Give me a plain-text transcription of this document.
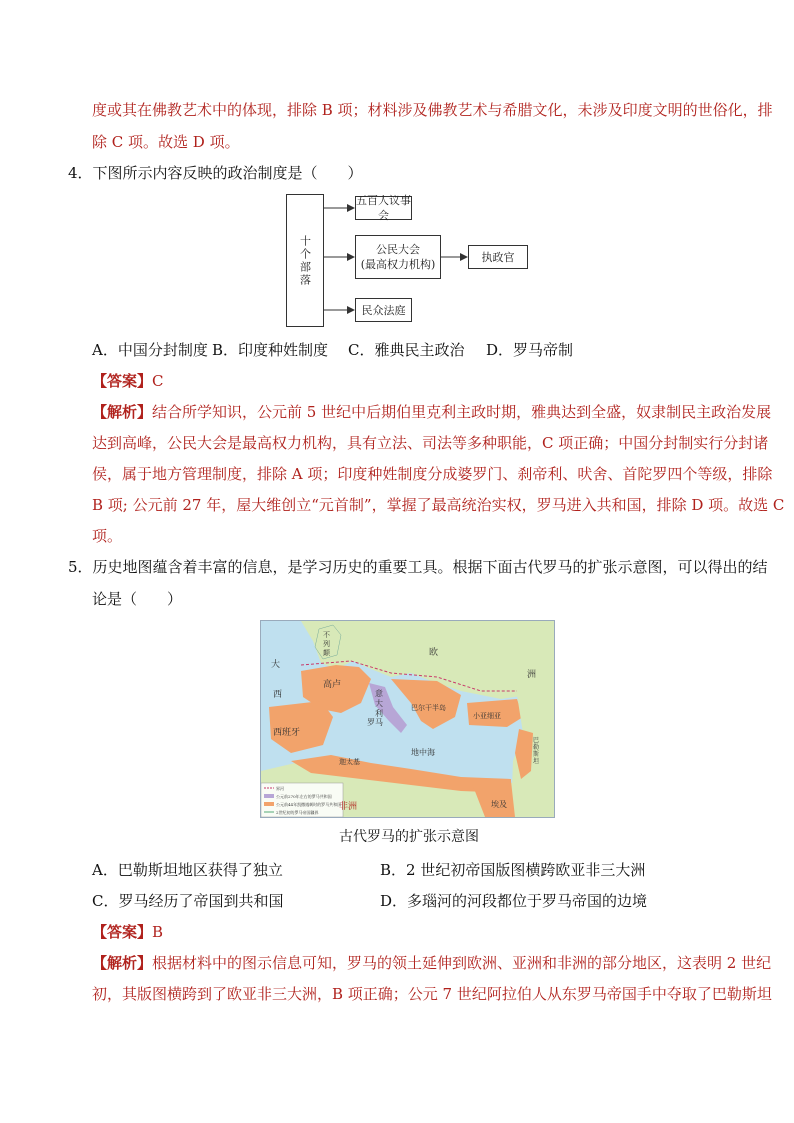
度或其在佛教艺术中的体现，排除 B 项；材料涉及佛教艺术与希腊文化，未涉及印度文明的世俗化，排
除 C 项。故选 D 项。
4．下图所示内容反映的政治制度是（　　）
十个部落
五百人议事会
公民大会
(最高权力机构)
执政官
民众法庭
A．中国分封制度 B．印度种姓制度 C．雅典民主政治 D．罗马帝制
【答案】C
【解析】结合所学知识，公元前 5 世纪中后期伯里克利主政时期，雅典达到全盛，奴隶制民主政治发展
达到高峰，公民大会是最高权力机构，具有立法、司法等多种职能，C 项正确；中国分封制实行分封诸
侯，属于地方管理制度，排除 A 项；印度种姓制度分成婆罗门、刹帝利、吠舍、首陀罗四个等级，排除
B 项; 公元前 27 年，屋大维创立“元首制”，掌握了最高统治实权，罗马进入共和国，排除 D 项。故选 C
项。
5．历史地图蕴含着丰富的信息，是学习历史的重要工具。根据下面古代罗马的扩张示意图，可以得出的结
论是（　　）
界河
公元前270年左右的罗马共和国
公元前44年凯撒遇刺时的罗马共和国
2世纪初的罗马帝国疆界
大
西
不列颠
高卢
西班牙
意大利
罗马
巴尔干半岛
小亚细亚
埃及
巴勒斯坦
非洲
欧
洲
地中海
迦太基
古代罗马的扩张示意图
A．巴勒斯坦地区获得了独立	B．2 世纪初帝国版图横跨欧亚非三大洲
C．罗马经历了帝国到共和国	D．多瑙河的河段都位于罗马帝国的边境
【答案】B
【解析】根据材料中的图示信息可知，罗马的领土延伸到欧洲、亚洲和非洲的部分地区，这表明 2 世纪
初，其版图横跨到了欧亚非三大洲，B 项正确；公元 7 世纪阿拉伯人从东罗马帝国手中夺取了巴勒斯坦
